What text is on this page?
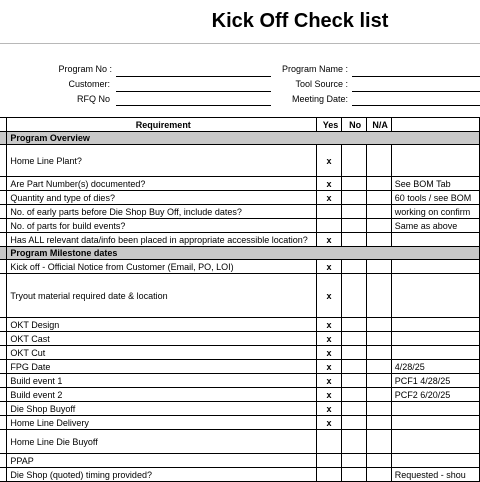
Kick Off Check list
Program No :
Customer:
RFQ No
Program Name :
Tool Source :
Meeting Date:
	Requirement	Yes	No	N/A	
	Program Overview				
	Home Line Plant?	x			
	Are Part Number(s) documented?	x			See BOM Tab
	Quantity and type of dies?	x			60 tools / see BOM
	No. of early parts before Die Shop Buy Off, include dates?				working on confirm
	No. of parts for build events?				Same as above
	Has ALL relevant data/info been placed in appropriate accessible location?	x			
	Program Milestone dates				
	Kick off - Official Notice from Customer (Email, PO, LOI)	x			
	Tryout material required date & location	x			
	OKT Design	x			
	OKT Cast	x			
	OKT Cut	x			
	FPG Date	x			4/28/25
	Build event 1	x			PCF1 4/28/25
	Build event 2	x			PCF2 6/20/25
	Die Shop Buyoff	x			
	Home Line Delivery	x			
	Home Line Die Buyoff				
	PPAP				
	Die Shop (quoted) timing provided?				Requested - shou
